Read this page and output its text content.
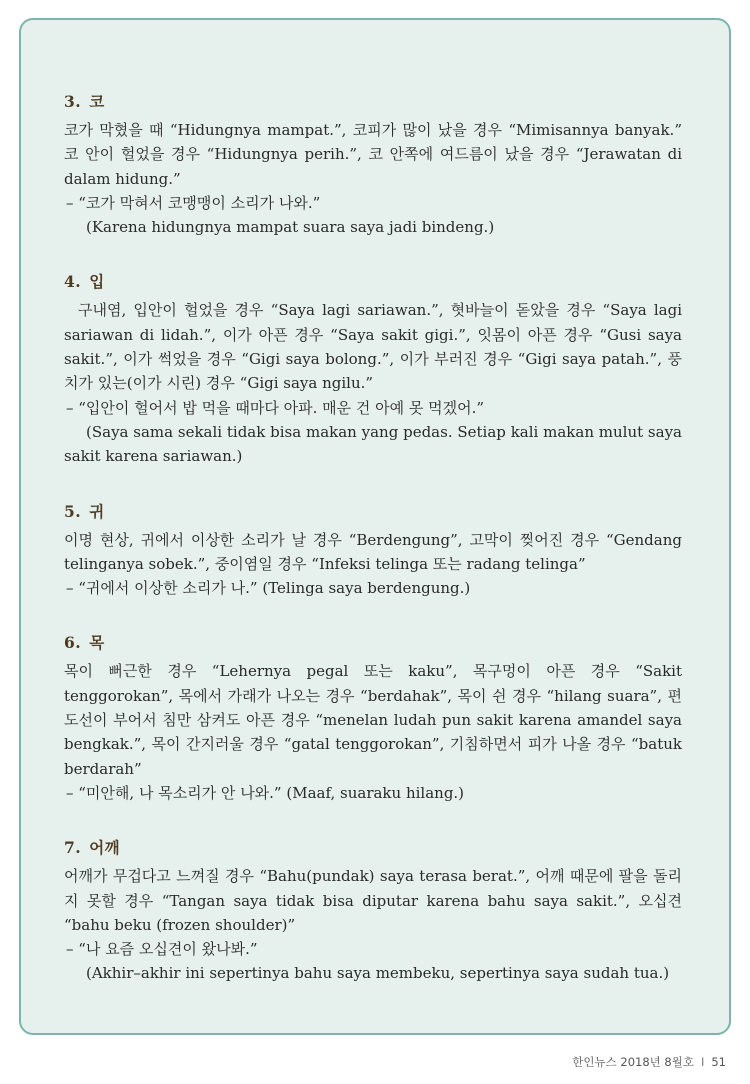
3. 코

코가 막혔을 때 “Hidungnya mampat.”, 코피가 많이 났을 경우 “Mimisannya banyak.” 코 안이 헐었을 경우 “Hidungnya perih.”, 코 안쪽에 여드름이 났을 경우 “Jerawatan di dalam hidung.”

– “코가 막혀서 코맹맹이 소리가 나와.”

(Karena hidungnya mampat suara saya jadi bindeng.)

4. 입

구내염, 입안이 헐었을 경우 “Saya lagi sariawan.”, 혓바늘이 돋았을 경우 “Saya lagi sariawan di lidah.”, 이가 아픈 경우 “Saya sakit gigi.”, 잇몸이 아픈 경우 “Gusi saya sakit.”, 이가 썩었을 경우 “Gigi saya bolong.”, 이가 부러진 경우 “Gigi saya patah.”, 풍치가 있는(이가 시린) 경우 “Gigi saya ngilu.”

– “입안이 헐어서 밥 먹을 때마다 아파. 매운 건 아예 못 먹겠어.”

(Saya sama sekali tidak bisa makan yang pedas. Setiap kali makan mulut saya sakit karena sariawan.)

5. 귀

이명 현상, 귀에서 이상한 소리가 날 경우 “Berdengung”, 고막이 찢어진 경우 “Gendang telinganya sobek.”, 중이염일 경우 “Infeksi telinga 또는 radang telinga”

– “귀에서 이상한 소리가 나.” (Telinga saya berdengung.)

6. 목

목이 뻐근한 경우 “Lehernya pegal 또는 kaku”, 목구멍이 아픈 경우 “Sakit tenggorokan”, 목에서 가래가 나오는 경우 “berdahak”, 목이 쉰 경우 “hilang suara”, 편도선이 부어서 침만 삼켜도 아픈 경우 “menelan ludah pun sakit karena amandel saya bengkak.”, 목이 간지러울 경우 “gatal tenggorokan”, 기침하면서 피가 나올 경우 “batuk berdarah”

– “미안해, 나 목소리가 안 나와.” (Maaf, suaraku hilang.)

7. 어깨

어깨가 무겁다고 느껴질 경우 “Bahu(pundak) saya terasa berat.”, 어깨 때문에 팔을 돌리지 못할 경우 “Tangan saya tidak bisa diputar karena bahu saya sakit.”, 오십견 “bahu beku (frozen shoulder)”

– “나 요즘 오십견이 왔나봐.”

(Akhir–akhir ini sepertinya bahu saya membeku, sepertinya saya sudah tua.)

한인뉴스 2018년 8월호 I 51
